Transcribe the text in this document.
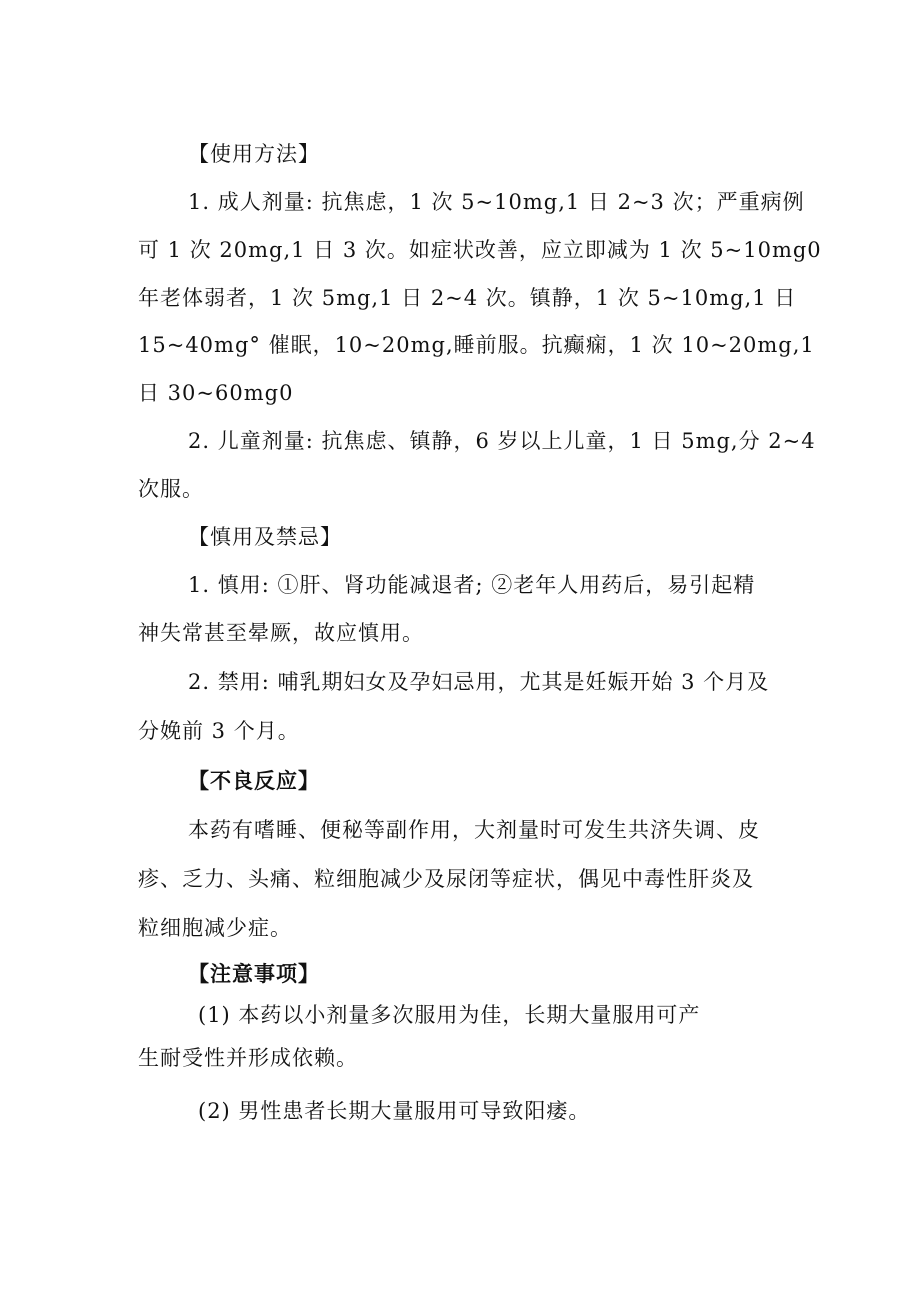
【使用方法】
1. 成人剂量: 抗焦虑，1 次 5~10mg,1 日 2~3 次；严重病例
可 1 次 20mg,1 日 3 次。如症状改善，应立即减为 1 次 5~10mg0
年老体弱者，1 次 5mg,1 日 2~4 次。镇静，1 次 5~10mg,1 日
15~40mg° 催眠，10~20mg,睡前服。抗癫痫，1 次 10~20mg,1
日 30~60mg0
2. 儿童剂量: 抗焦虑、镇静，6 岁以上儿童，1 日 5mg,分 2~4
次服。
【慎用及禁忌】
1. 慎用: ①肝、肾功能减退者; ②老年人用药后，易引起精
神失常甚至晕厥，故应慎用。
2. 禁用: 哺乳期妇女及孕妇忌用，尤其是妊娠开始 3 个月及
分娩前 3 个月。
【不良反应】
本药有嗜睡、便秘等副作用，大剂量时可发生共济失调、皮
疹、乏力、头痛、粒细胞减少及尿闭等症状，偶见中毒性肝炎及
粒细胞减少症。
【注意事项】
(1) 本药以小剂量多次服用为佳，长期大量服用可产
生耐受性并形成依赖。
(2) 男性患者长期大量服用可导致阳痿。
